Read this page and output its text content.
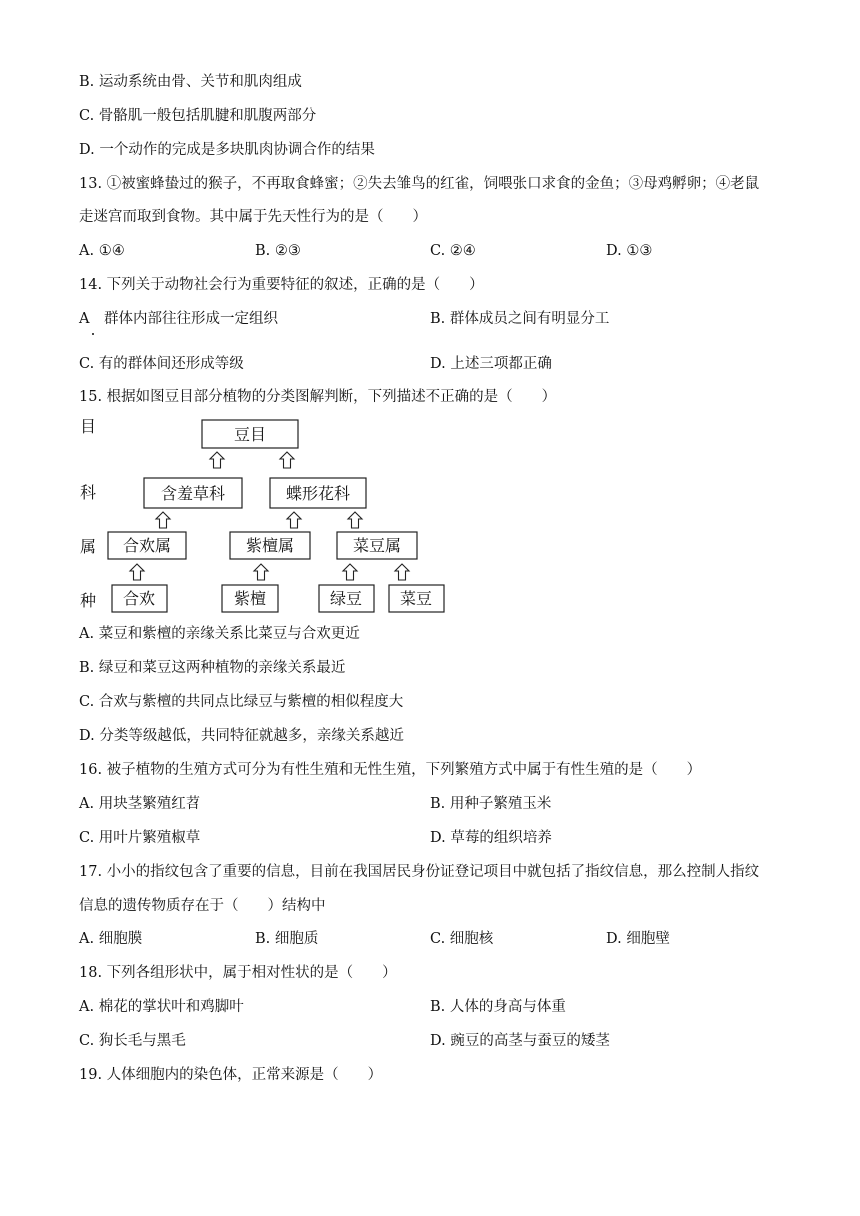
B. 运动系统由骨、关节和肌肉组成
C. 骨骼肌一般包括肌腱和肌腹两部分
D. 一个动作的完成是多块肌肉协调合作的结果
13. ①被蜜蜂蛰过的猴子，不再取食蜂蜜；②失去雏鸟的红雀，饲喂张口求食的金鱼；③母鸡孵卵；④老鼠
走迷宫而取到食物。其中属于先天性行为的是（　　）
A. ①④	B. ②③	C. ②④	D. ①③
14. 下列关于动物社会行为重要特征的叙述，正确的是（　　）
A　群体内部往往形成一定组织	B. 群体成员之间有明显分工
C. 有的群体间还形成等级	D. 上述三项都正确
15. 根据如图豆目部分植物的分类图解判断，下列描述不正确的是（　　）
目
科
属
种
豆目
含羞草科	蝶形花科
合欢属	紫檀属	菜豆属
合欢	紫檀	绿豆 菜豆
A. 菜豆和紫檀的亲缘关系比菜豆与合欢更近
B. 绿豆和菜豆这两种植物的亲缘关系最近
C. 合欢与紫檀的共同点比绿豆与紫檀的相似程度大
D. 分类等级越低，共同特征就越多，亲缘关系越近
16. 被子植物的生殖方式可分为有性生殖和无性生殖，下列繁殖方式中属于有性生殖的是（　　）
A. 用块茎繁殖红苕	B. 用种子繁殖玉米
C. 用叶片繁殖椒草	D. 草莓的组织培养
17. 小小的指纹包含了重要的信息，目前在我国居民身份证登记项目中就包括了指纹信息，那么控制人指纹
信息的遗传物质存在于（　　）结构中
A. 细胞膜	B. 细胞质	C. 细胞核	D. 细胞壁
18. 下列各组形状中，属于相对性状的是（　　）
A. 棉花的掌状叶和鸡脚叶	B. 人体的身高与体重
C. 狗长毛与黑毛	D. 豌豆的高茎与蚕豆的矮茎
19. 人体细胞内的染色体，正常来源是（　　）
